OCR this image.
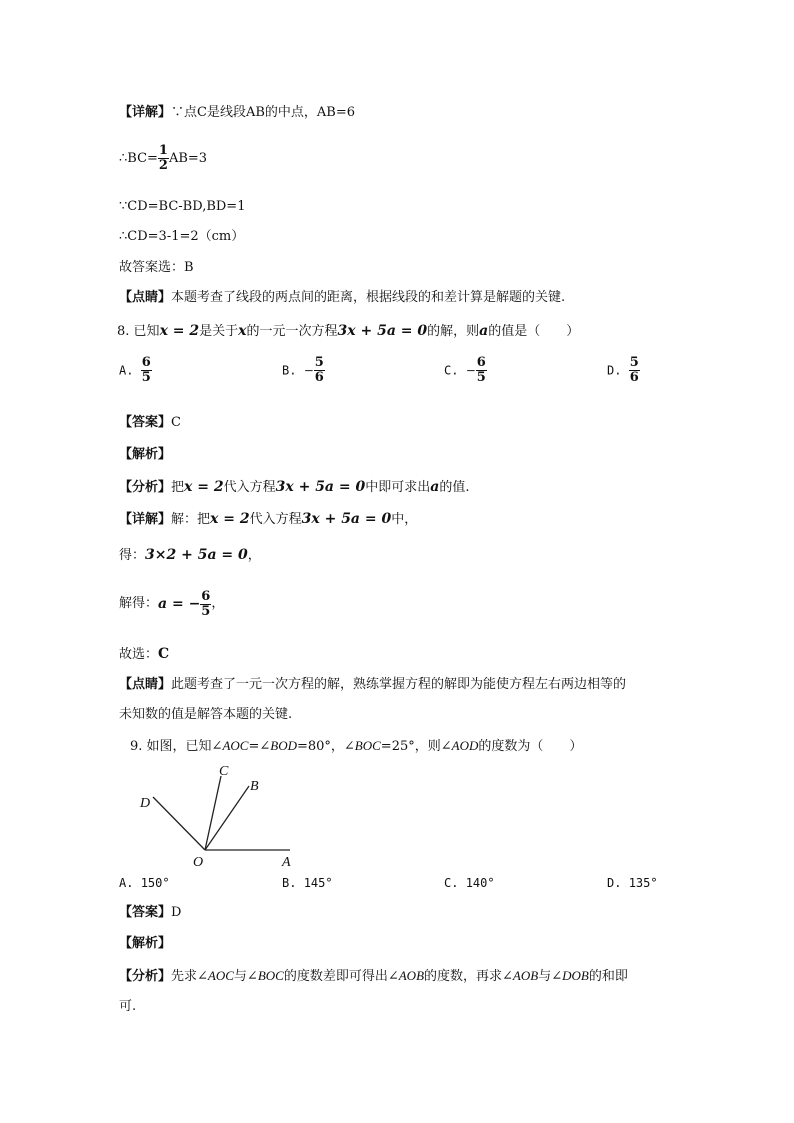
【详解】∵点C是线段AB的中点，AB=6
∴BC= $\frac{1}{2} AB=3$
∵CD=BC-BD,BD=1
∴CD=3-1=2（cm）
故答案选：B
【点睛】本题考查了线段的两点间的距离，根据线段的和差计算是解题的关键.
8. 已知x = 2是关于x的一元一次方程3x + 5a = 0的解，则a的值是（　　）
A. $\frac{6}{5}$	B. − $\frac{5}{6}$	C. − $\frac{6}{5}$	D. $\frac{5}{6}$
【答案】C
【解析】
【分析】把x = 2代入方程3x + 5a = 0中即可求出a的值.
【详解】解：把x = 2代入方程3x + 5a = 0中，
得：3×2 + 5a = 0，
解得：a = − $\frac{6}{5}$ ，
故选：C
【点睛】此题考查了一元一次方程的解，熟练掌握方程的解即为能使方程左右两边相等的
未知数的值是解答本题的关键.
9. 如图，已知∠AOC=∠BOD=80°，∠BOC=25°，则∠AOD的度数为（　　）
C
B
D
O	A
A. 150°	B. 145°	C. 140°	D. 135°
【答案】D
【解析】
【分析】先求∠AOC与∠BOC的度数差即可得出∠AOB的度数，再求∠AOB与∠DOB的和即
可.
